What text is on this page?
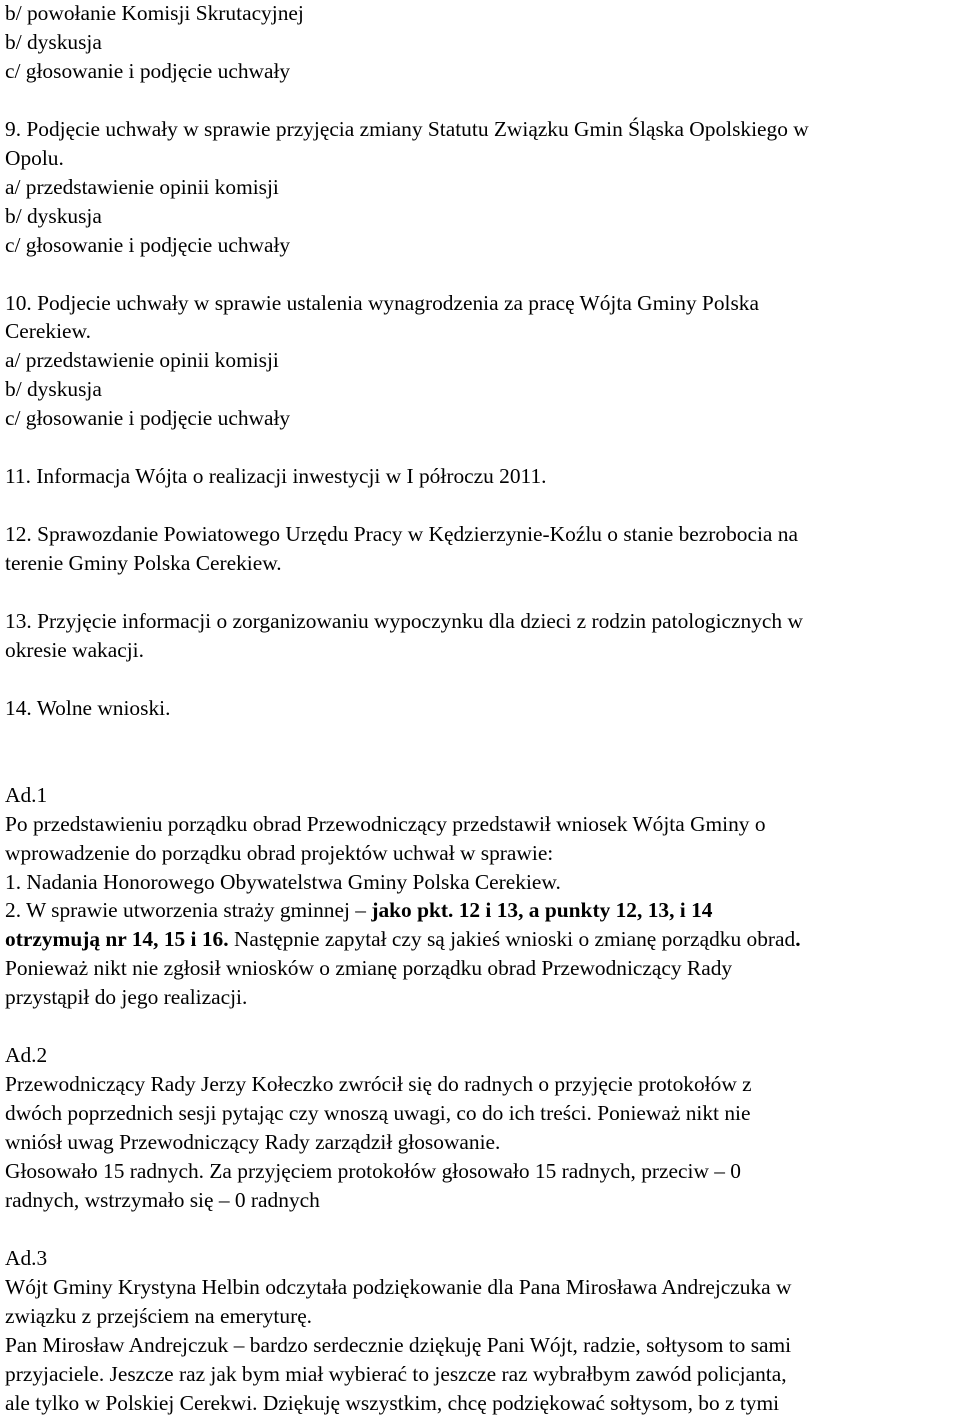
b/ powołanie Komisji Skrutacyjnej
b/ dyskusja
c/ głosowanie i podjęcie uchwały
9. Podjęcie uchwały w sprawie przyjęcia zmiany Statutu Związku Gmin Śląska Opolskiego w
Opolu.
a/ przedstawienie opinii komisji
b/ dyskusja
c/ głosowanie i podjęcie uchwały
10. Podjecie uchwały w sprawie ustalenia wynagrodzenia za pracę Wójta Gminy Polska
Cerekiew.
a/ przedstawienie opinii komisji
b/ dyskusja
c/ głosowanie i podjęcie uchwały
11. Informacja Wójta o realizacji inwestycji w I półroczu 2011.
12. Sprawozdanie Powiatowego Urzędu Pracy w Kędzierzynie-Koźlu o stanie bezrobocia na
terenie Gminy Polska Cerekiew.
13. Przyjęcie informacji o zorganizowaniu wypoczynku dla dzieci z rodzin patologicznych w
okresie wakacji.
14. Wolne wnioski.
Ad.1
Po przedstawieniu porządku obrad Przewodniczący przedstawił wniosek Wójta Gminy o
wprowadzenie do porządku obrad projektów uchwał w sprawie:
1. Nadania Honorowego Obywatelstwa Gminy Polska Cerekiew.
2. W sprawie utworzenia straży gminnej – jako pkt. 12 i 13, a punkty 12, 13, i 14
otrzymują nr 14, 15 i 16. Następnie zapytał czy są jakieś wnioski o zmianę porządku obrad.
Ponieważ nikt nie zgłosił wniosków o zmianę porządku obrad Przewodniczący Rady
przystąpił do jego realizacji.
Ad.2
Przewodniczący Rady Jerzy Kołeczko zwrócił się do radnych o przyjęcie protokołów z
dwóch poprzednich sesji pytając czy wnoszą uwagi, co do ich treści. Ponieważ nikt nie
wniósł uwag Przewodniczący Rady zarządził głosowanie.
Głosowało 15 radnych. Za przyjęciem protokołów głosowało 15 radnych, przeciw – 0
radnych, wstrzymało się – 0 radnych
Ad.3
Wójt Gminy Krystyna Helbin odczytała podziękowanie dla Pana Mirosława Andrejczuka w
związku z przejściem na emeryturę.
Pan Mirosław Andrejczuk – bardzo serdecznie dziękuję Pani Wójt, radzie, sołtysom to sami
przyjaciele. Jeszcze raz jak bym miał wybierać to jeszcze raz wybrałbym zawód policjanta,
ale tylko w Polskiej Cerekwi. Dziękuję wszystkim, chcę podziękować sołtysom, bo z tymi
